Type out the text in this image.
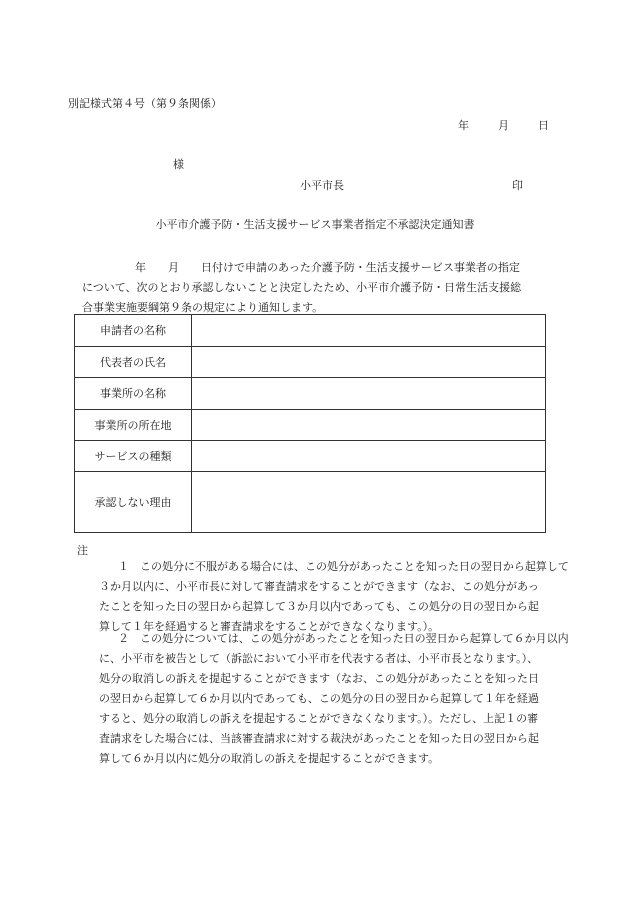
別記様式第４号（第９条関係）
年	月	日
様
小平市長	印
小平市介護予防・生活支援サービス事業者指定不承認決定通知書
年　　月　　日付けで申請のあった介護予防・生活支援サービス事業者の指定
について、次のとおり承認しないことと決定したため、小平市介護予防・日常生活支援総
合事業実施要綱第９条の規定により通知します。
申請者の名称	
代表者の氏名	
事業所の名称	
事業所の所在地	
サービスの種類	
承認しない理由	
注
１　この処分に不服がある場合には、この処分があったことを知った日の翌日から起算して
３か月以内に、小平市長に対して審査請求をすることができます（なお、この処分があっ
たことを知った日の翌日から起算して３か月以内であっても、この処分の日の翌日から起
算して１年を経過すると審査請求をすることができなくなります。）。
２　この処分については、この処分があったことを知った日の翌日から起算して６か月以内
に、小平市を被告として（訴訟において小平市を代表する者は、小平市長となります。）、
処分の取消しの訴えを提起することができます（なお、この処分があったことを知った日
の翌日から起算して６か月以内であっても、この処分の日の翌日から起算して１年を経過
すると、処分の取消しの訴えを提起することができなくなります。）。ただし、上記１の審
査請求をした場合には、当該審査請求に対する裁決があったことを知った日の翌日から起
算して６か月以内に処分の取消しの訴えを提起することができます。
